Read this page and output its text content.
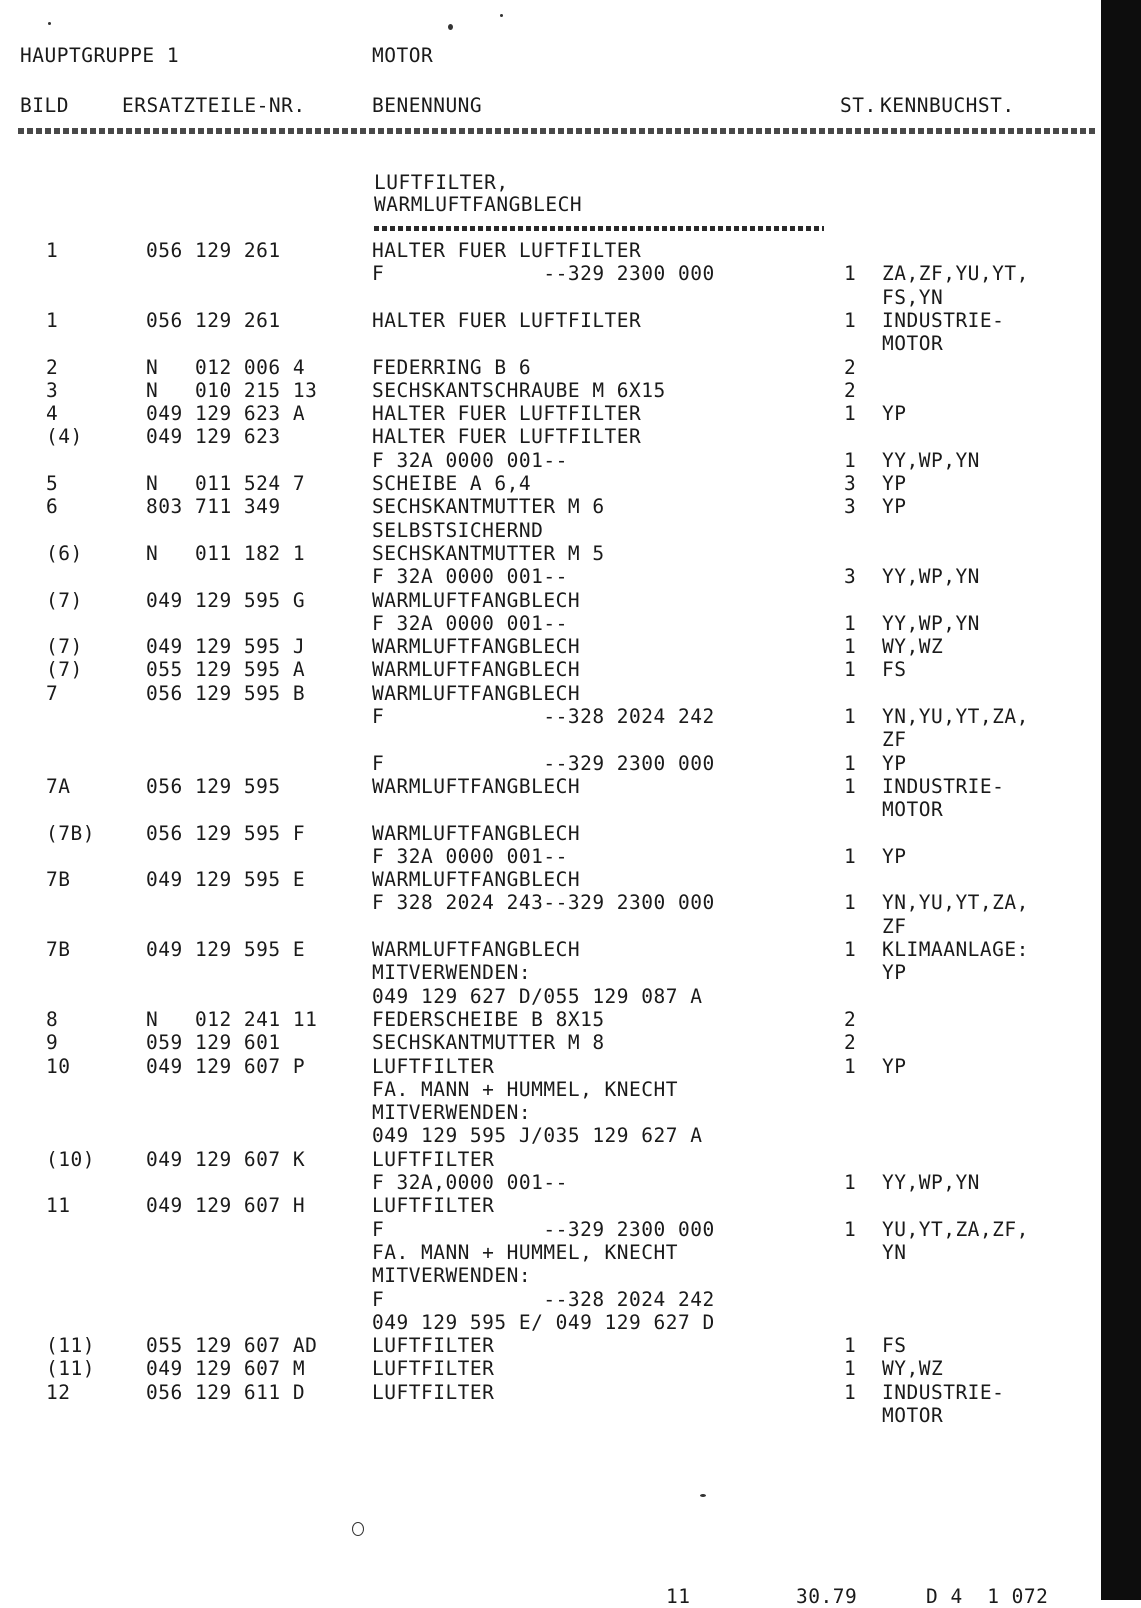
HAUPTGRUPPE 1	MOTOR
BILD	ERSATZTEILE-NR.	BENENNUNG	ST. KENNBUCHST.
LUFTFILTER,
WARMLUFTFANGBLECH
1	056 129 261	HALTER FUER LUFTFILTER
F             --329 2300 000	1 ZA,ZF,YU,YT,
FS,YN
1	056 129 261	HALTER FUER LUFTFILTER	1 INDUSTRIE-
MOTOR
2	N   012 006 4	FEDERRING B 6	2
3	N   010 215 13	SECHSKANTSCHRAUBE M 6X15	2
4	049 129 623 A	HALTER FUER LUFTFILTER	1 YP
(4)	049 129 623	HALTER FUER LUFTFILTER
F 32A 0000 001--	1 YY,WP,YN
5	N   011 524 7	SCHEIBE A 6,4	3 YP
6	803 711 349	SECHSKANTMUTTER M 6	3 YP
SELBSTSICHERND
(6)	N   011 182 1	SECHSKANTMUTTER M 5
F 32A 0000 001--	3 YY,WP,YN
(7)	049 129 595 G	WARMLUFTFANGBLECH
F 32A 0000 001--	1 YY,WP,YN
(7)	049 129 595 J	WARMLUFTFANGBLECH	1 WY,WZ
(7)	055 129 595 A	WARMLUFTFANGBLECH	1 FS
7	056 129 595 B	WARMLUFTFANGBLECH
F             --328 2024 242	1 YN,YU,YT,ZA,
ZF
F             --329 2300 000	1 YP
7A	056 129 595	WARMLUFTFANGBLECH	1 INDUSTRIE-
MOTOR
(7B)	056 129 595 F	WARMLUFTFANGBLECH
F 32A 0000 001--	1 YP
7B	049 129 595 E	WARMLUFTFANGBLECH
F 328 2024 243--329 2300 000	1 YN,YU,YT,ZA,
ZF
7B	049 129 595 E	WARMLUFTFANGBLECH	1 KLIMAANLAGE:
MITVERWENDEN:	YP
049 129 627 D/055 129 087 A
8	N   012 241 11	FEDERSCHEIBE B 8X15	2
9	059 129 601	SECHSKANTMUTTER M 8	2
10	049 129 607 P	LUFTFILTER	1 YP
FA. MANN + HUMMEL, KNECHT
MITVERWENDEN:
049 129 595 J/035 129 627 A
(10)	049 129 607 K	LUFTFILTER
F 32A,0000 001--	1 YY,WP,YN
11	049 129 607 H	LUFTFILTER
F             --329 2300 000	1 YU,YT,ZA,ZF,
FA. MANN + HUMMEL, KNECHT	YN
MITVERWENDEN:
F             --328 2024 242
049 129 595 E/ 049 129 627 D
(11)	055 129 607 AD	LUFTFILTER	1 FS
(11)	049 129 607 M	LUFTFILTER	1 WY,WZ
12	056 129 611 D	LUFTFILTER	1 INDUSTRIE-
MOTOR
11	30.79	D 4  1 072
